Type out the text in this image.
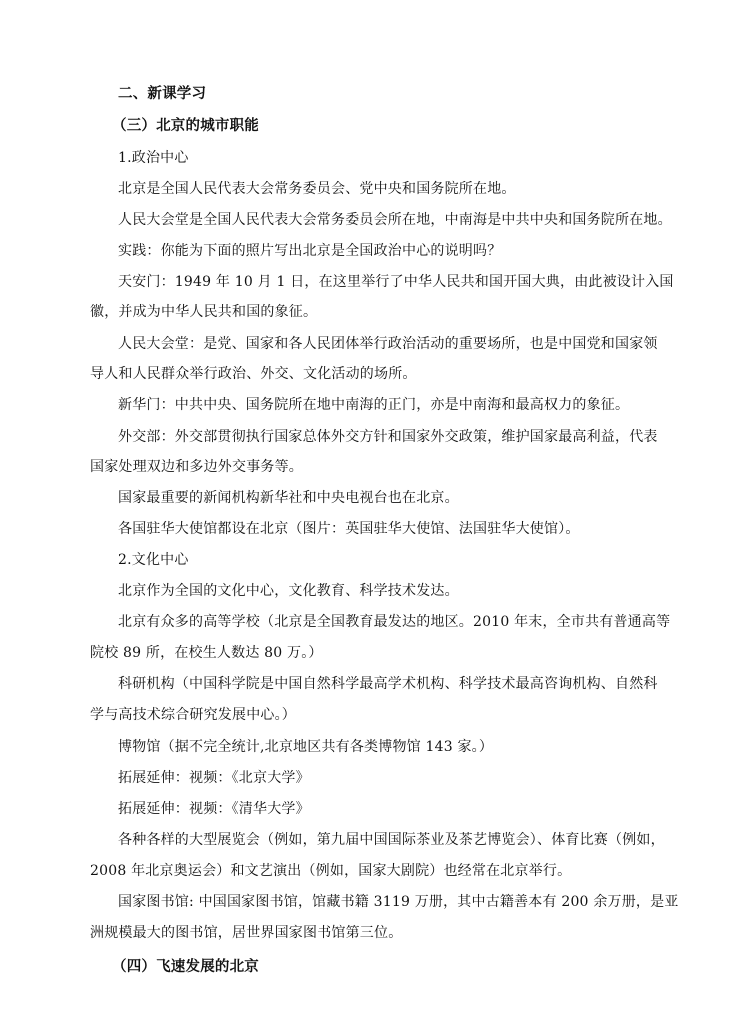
二、新课学习
（三）北京的城市职能
1.政治中心
北京是全国人民代表大会常务委员会、党中央和国务院所在地。
人民大会堂是全国人民代表大会常务委员会所在地，中南海是中共中央和国务院所在地。
实践：你能为下面的照片写出北京是全国政治中心的说明吗？
天安门：1949 年 10 月 1 日，在这里举行了中华人民共和国开国大典，由此被设计入国
徽，并成为中华人民共和国的象征。
人民大会堂：是党、国家和各人民团体举行政治活动的重要场所，也是中国党和国家领
导人和人民群众举行政治、外交、文化活动的场所。
新华门：中共中央、国务院所在地中南海的正门，亦是中南海和最高权力的象征。
外交部：外交部贯彻执行国家总体外交方针和国家外交政策，维护国家最高利益，代表
国家处理双边和多边外交事务等。
国家最重要的新闻机构新华社和中央电视台也在北京。
各国驻华大使馆都设在北京（图片：英国驻华大使馆、法国驻华大使馆）。
2.文化中心
北京作为全国的文化中心，文化教育、科学技术发达。
北京有众多的高等学校（北京是全国教育最发达的地区。2010 年末，全市共有普通高等
院校 89 所，在校生人数达 80 万。）
科研机构（中国科学院是中国自然科学最高学术机构、科学技术最高咨询机构、自然科
学与高技术综合研究发展中心。）
博物馆（据不完全统计,北京地区共有各类博物馆 143 家。）
拓展延伸：视频：《北京大学》
拓展延伸：视频：《清华大学》
各种各样的大型展览会（例如，第九届中国国际茶业及茶艺博览会）、体育比赛（例如，
2008 年北京奥运会）和文艺演出（例如，国家大剧院）也经常在北京举行。
国家图书馆: 中国国家图书馆，馆藏书籍 3119 万册，其中古籍善本有 200 余万册，是亚
洲规模最大的图书馆，居世界国家图书馆第三位。
（四）飞速发展的北京
